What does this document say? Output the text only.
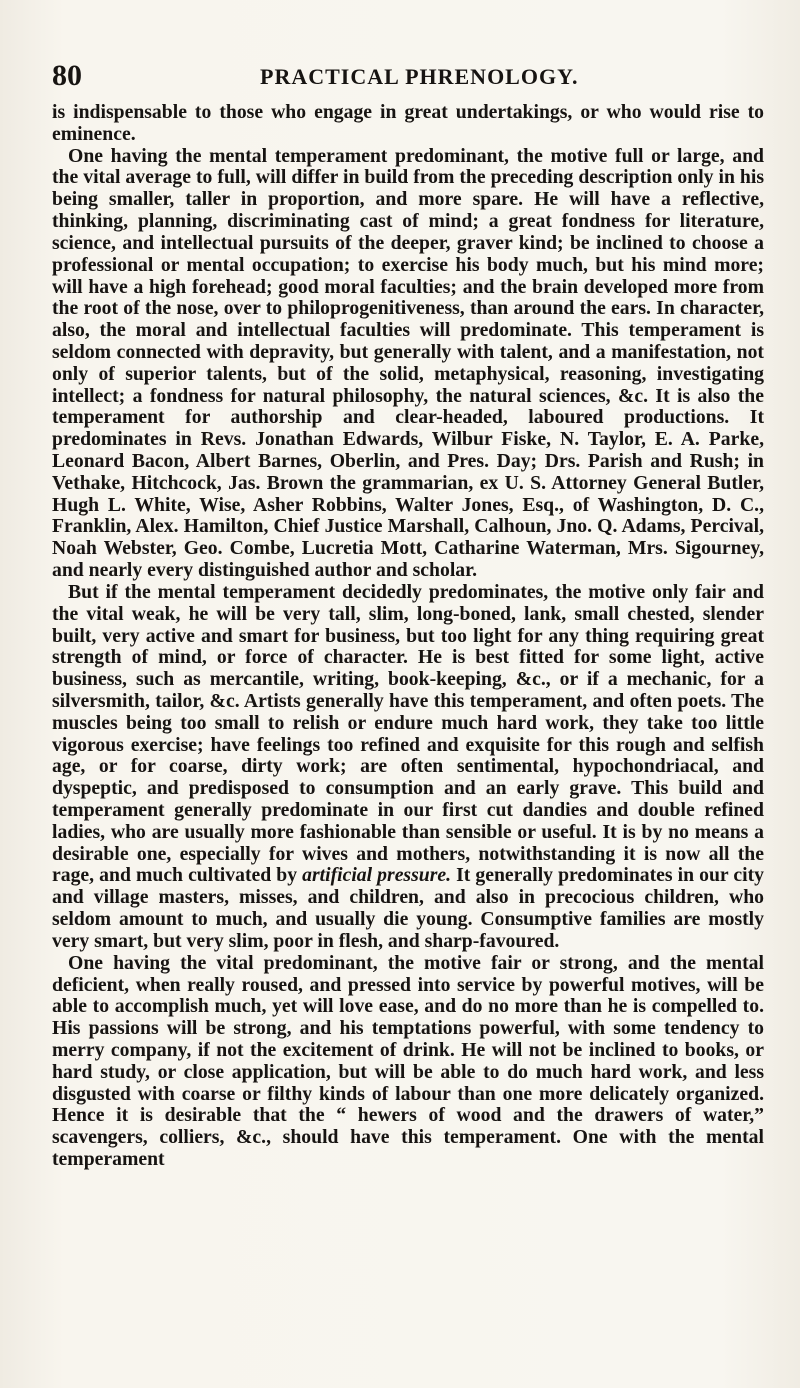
80	PRACTICAL PHRENOLOGY.

is indispensable to those who engage in great undertakings, or who would rise to eminence.

One having the mental temperament predominant, the motive full or large, and the vital average to full, will differ in build from the preceding description only in his being smaller, taller in proportion, and more spare. He will have a reflective, thinking, planning, discriminating cast of mind; a great fondness for literature, science, and intellectual pursuits of the deeper, graver kind; be inclined to choose a professional or mental occupation; to exercise his body much, but his mind more; will have a high forehead; good moral faculties; and the brain developed more from the root of the nose, over to philoprogenitiveness, than around the ears. In character, also, the moral and intellectual faculties will predominate. This temperament is seldom connected with depravity, but generally with talent, and a manifestation, not only of superior talents, but of the solid, metaphysical, reasoning, investigating intellect; a fondness for natural philosophy, the natural sciences, &c. It is also the temperament for authorship and clear-headed, laboured productions. It predominates in Revs. Jonathan Edwards, Wilbur Fiske, N. Taylor, E. A. Parke, Leonard Bacon, Albert Barnes, Oberlin, and Pres. Day; Drs. Parish and Rush; in Vethake, Hitchcock, Jas. Brown the grammarian, ex U. S. Attorney General Butler, Hugh L. White, Wise, Asher Robbins, Walter Jones, Esq., of Washington, D. C., Franklin, Alex. Hamilton, Chief Justice Marshall, Calhoun, Jno. Q. Adams, Percival, Noah Webster, Geo. Combe, Lucretia Mott, Catharine Waterman, Mrs. Sigourney, and nearly every distinguished author and scholar.

But if the mental temperament decidedly predominates, the motive only fair and the vital weak, he will be very tall, slim, long-boned, lank, small chested, slender built, very active and smart for business, but too light for any thing requiring great strength of mind, or force of character. He is best fitted for some light, active business, such as mercantile, writing, book-keeping, &c., or if a mechanic, for a silversmith, tailor, &c. Artists generally have this temperament, and often poets. The muscles being too small to relish or endure much hard work, they take too little vigorous exercise; have feelings too refined and exquisite for this rough and selfish age, or for coarse, dirty work; are often sentimental, hypochondriacal, and dyspeptic, and predisposed to consumption and an early grave. This build and temperament generally predominate in our first cut dandies and double refined ladies, who are usually more fashionable than sensible or useful. It is by no means a desirable one, especially for wives and mothers, notwithstanding it is now all the rage, and much cultivated by artificial pressure. It generally predominates in our city and village masters, misses, and children, and also in precocious children, who seldom amount to much, and usually die young. Consumptive families are mostly very smart, but very slim, poor in flesh, and sharp-favoured.

One having the vital predominant, the motive fair or strong, and the mental deficient, when really roused, and pressed into service by powerful motives, will be able to accomplish much, yet will love ease, and do no more than he is compelled to. His passions will be strong, and his temptations powerful, with some tendency to merry company, if not the excitement of drink. He will not be inclined to books, or hard study, or close application, but will be able to do much hard work, and less disgusted with coarse or filthy kinds of labour than one more delicately organized. Hence it is desirable that the “ hewers of wood and the drawers of water,” scavengers, colliers, &c., should have this temperament. One with the mental temperament
